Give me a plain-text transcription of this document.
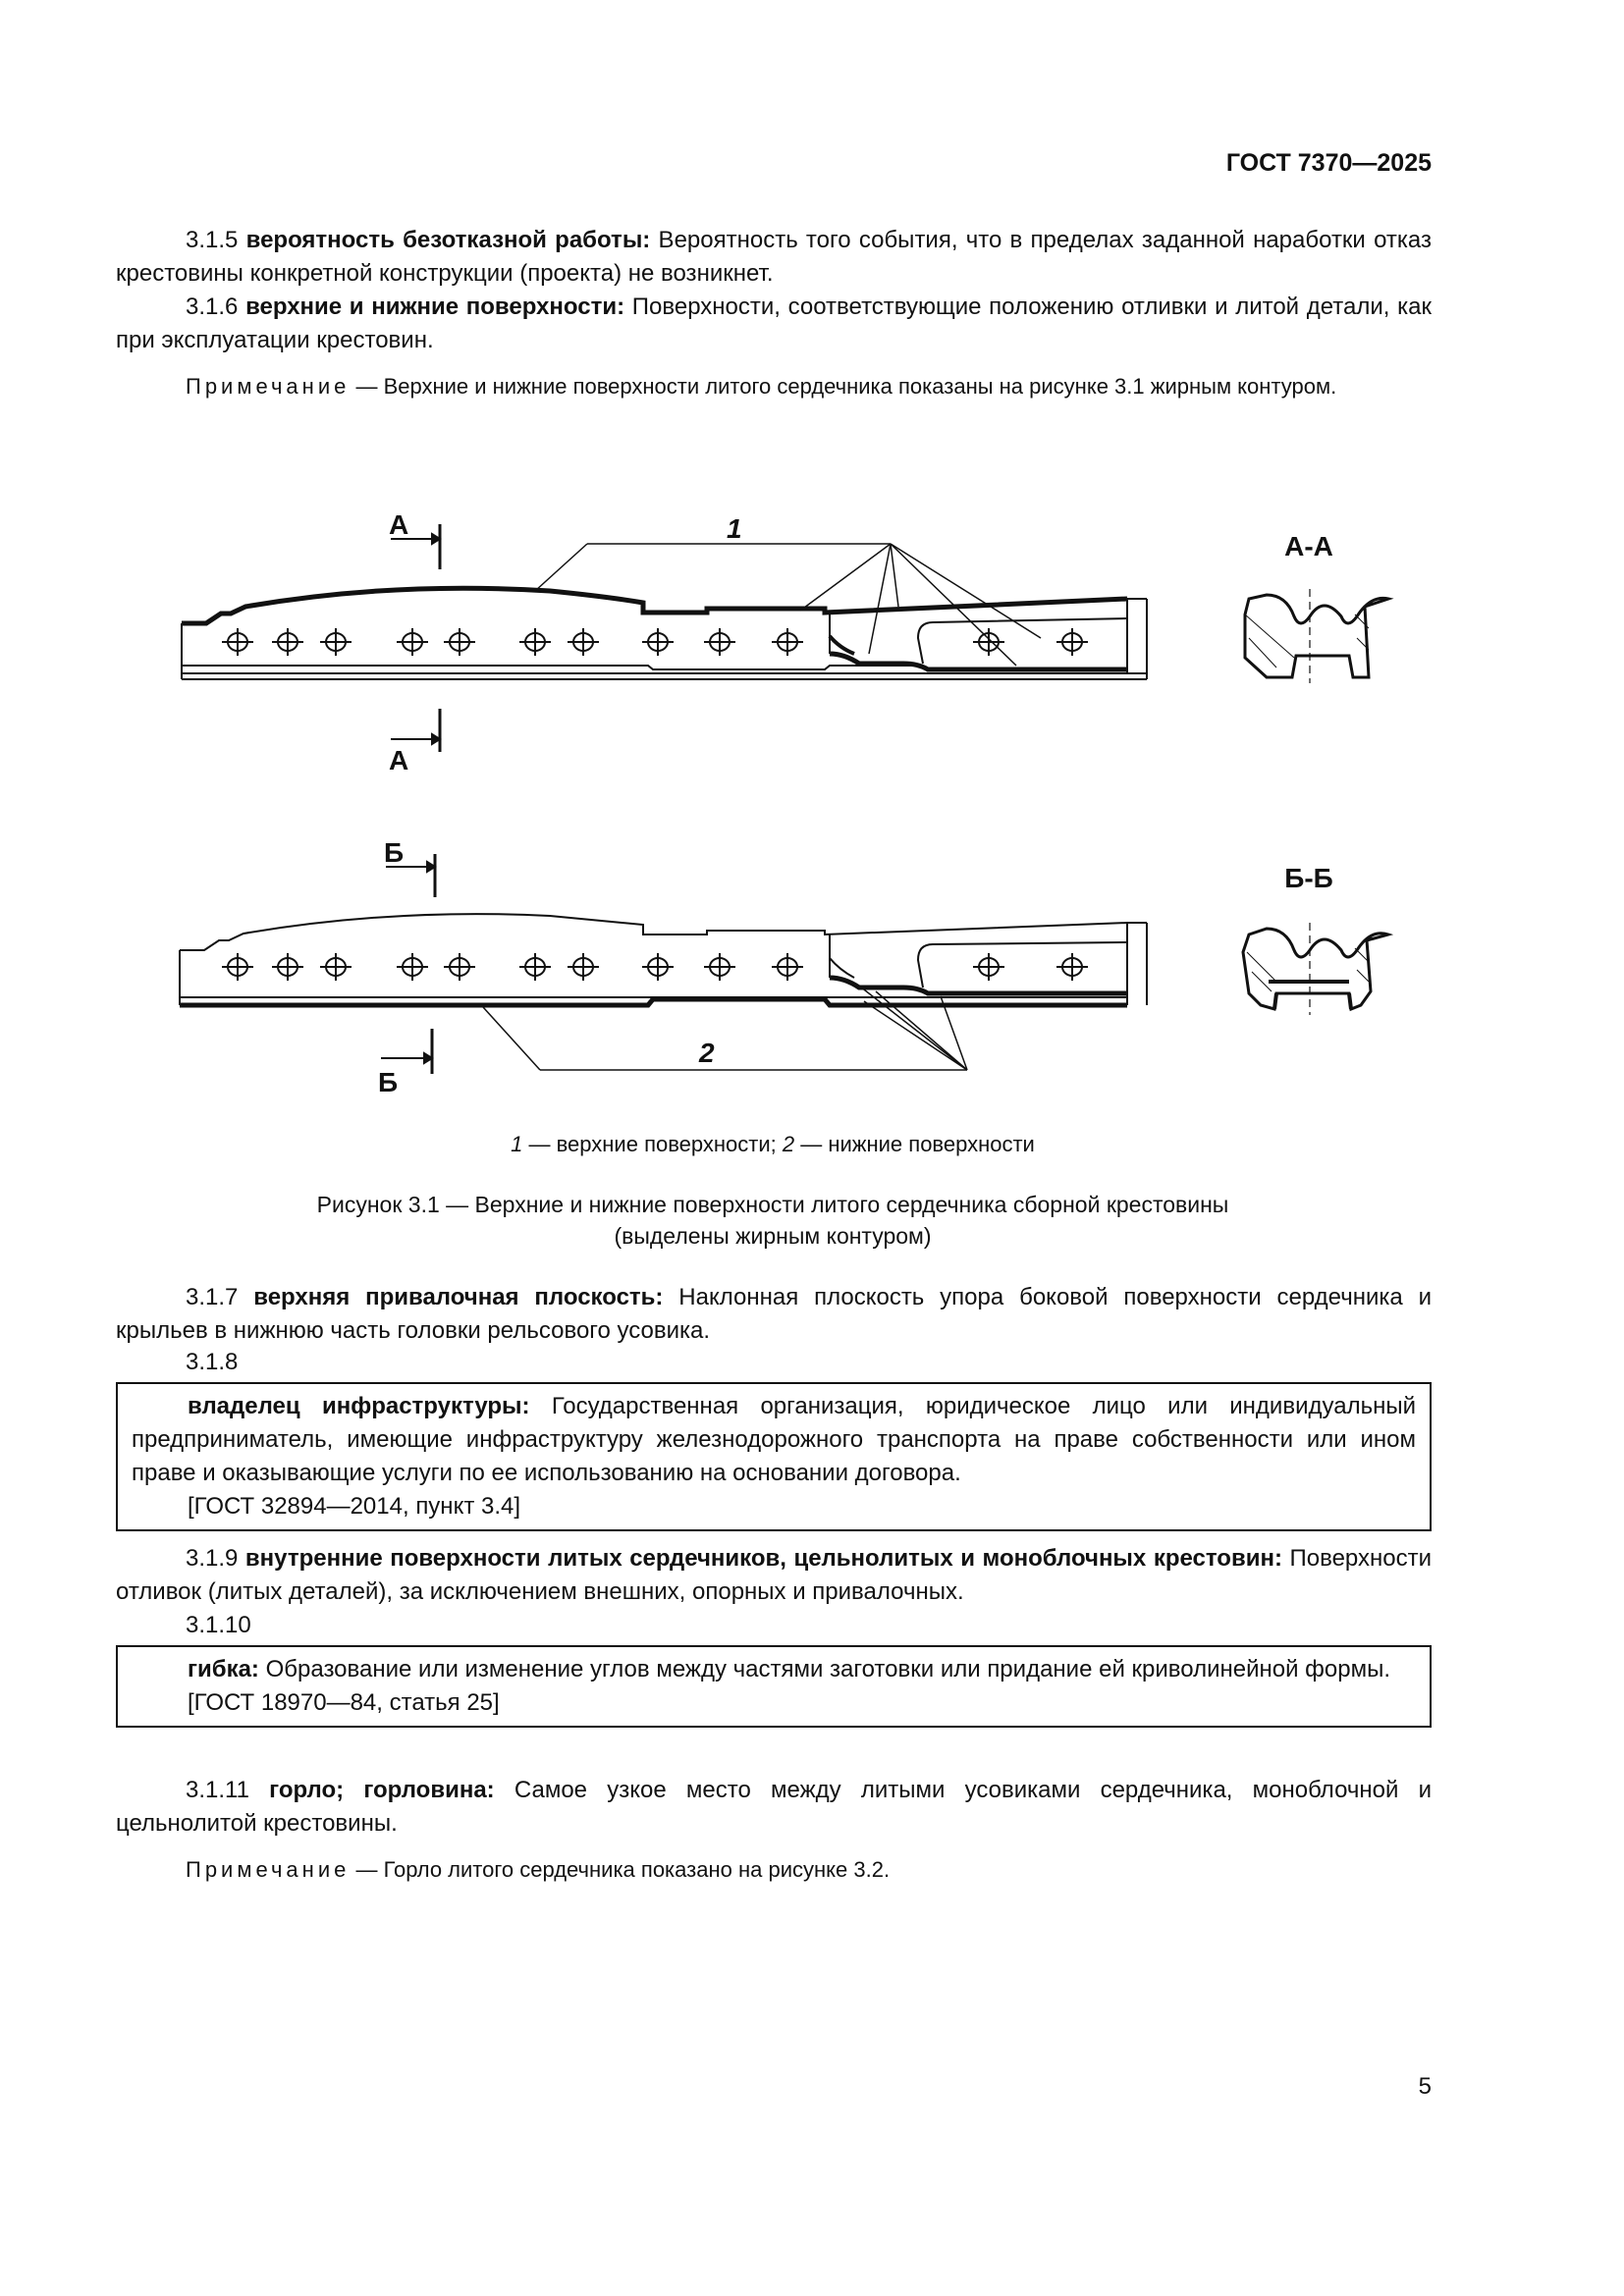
ГОСТ 7370—2025
3.1.5 вероятность безотказной работы: Вероятность того события, что в пределах заданной наработки отказ крестовины конкретной конструкции (проекта) не возникнет.
3.1.6 верхние и нижние поверхности: Поверхности, соответствующие положению отливки и литой детали, как при эксплуатации крестовин.
Примечание — Верхние и нижние поверхности литого сердечника показаны на рисунке 3.1 жирным контуром.
А
А
А-А
Б
Б
Б-Б
1
2
1 — верхние поверхности; 2 — нижние поверхности
Рисунок 3.1 — Верхние и нижние поверхности литого сердечника сборной крестовины
(выделены жирным контуром)
3.1.7 верхняя привалочная плоскость: Наклонная плоскость упора боковой поверхности сердечника и крыльев в нижнюю часть головки рельсового усовика.
3.1.8

владелец инфраструктуры: Государственная организация, юридическое лицо или индивидуальный предприниматель, имеющие инфраструктуру железнодорожного транспорта на праве собственности или ином праве и оказывающие услуги по ее использованию на основании договора.

[ГОСТ 32894—2014, пункт 3.4]

3.1.9 внутренние поверхности литых сердечников, цельнолитых и моноблочных крестовин: Поверхности отливок (литых деталей), за исключением внешних, опорных и привалочных.
3.1.10

гибка: Образование или изменение углов между частями заготовки или придание ей криволинейной формы.

[ГОСТ 18970—84, статья 25]

3.1.11 горло; горловина: Самое узкое место между литыми усовиками сердечника, моноблочной и цельнолитой крестовины.
Примечание — Горло литого сердечника показано на рисунке 3.2.
5
